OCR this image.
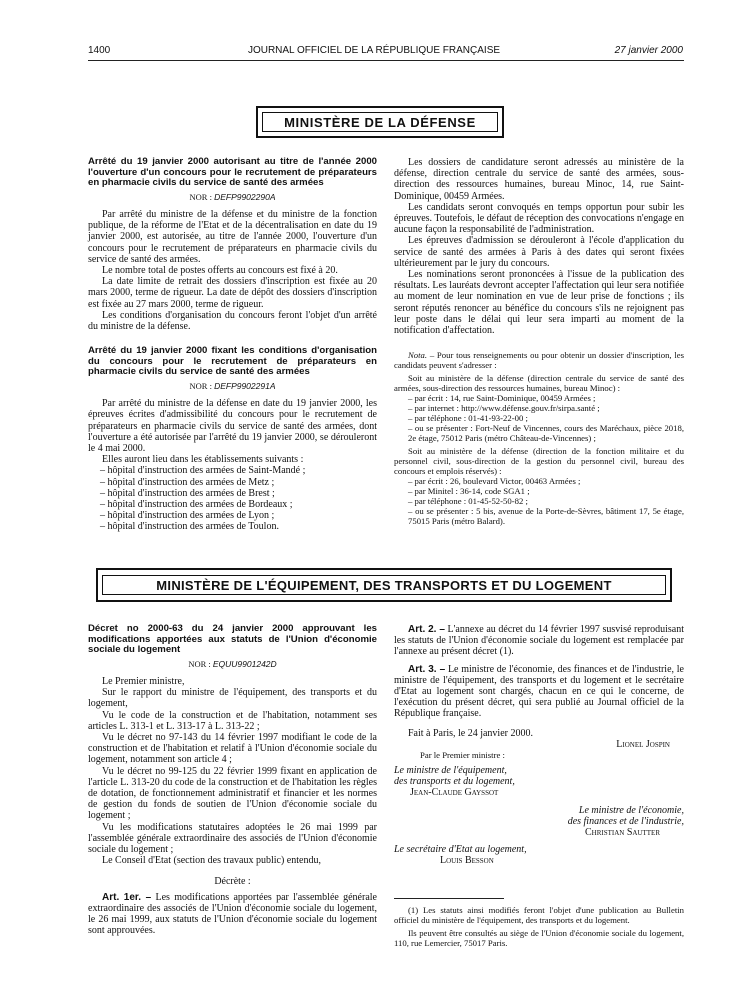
1400	JOURNAL OFFICIEL DE LA RÉPUBLIQUE FRANÇAISE	27 janvier 2000
MINISTÈRE DE LA DÉFENSE

Arrêté du 19 janvier 2000 autorisant au titre de l'année 2000 l'ouverture d'un concours pour le recrutement de préparateurs en pharmacie civils du service de santé des armées

NOR : DEFP9902290A

Par arrêté du ministre de la défense et du ministre de la fonction publique, de la réforme de l'Etat et de la décentralisation en date du 19 janvier 2000, est autorisée, au titre de l'année 2000, l'ouverture d'un concours pour le recrutement de préparateurs en pharmacie civils du service de santé des armées.

Le nombre total de postes offerts au concours est fixé à 20.

La date limite de retrait des dossiers d'inscription est fixée au 20 mars 2000, terme de rigueur. La date de dépôt des dossiers d'inscription est fixée au 27 mars 2000, terme de rigueur.

Les conditions d'organisation du concours feront l'objet d'un arrêté du ministre de la défense.

Arrêté du 19 janvier 2000 fixant les conditions d'organisation du concours pour le recrutement de préparateurs en pharmacie civils du service de santé des armées

NOR : DEFP9902291A

Par arrêté du ministre de la défense en date du 19 janvier 2000, les épreuves écrites d'admissibilité du concours pour le recrutement de préparateurs en pharmacie civils du service de santé des armées, dont l'ouverture a été autorisée par l'arrêté du 19 janvier 2000, se dérouleront le 4 mai 2000.

Elles auront lieu dans les établissements suivants :

– hôpital d'instruction des armées de Saint-Mandé ;

– hôpital d'instruction des armées de Metz ;

– hôpital d'instruction des armées de Brest ;

– hôpital d'instruction des armées de Bordeaux ;

– hôpital d'instruction des armées de Lyon ;

– hôpital d'instruction des armées de Toulon.

Les dossiers de candidature seront adressés au ministère de la défense, direction centrale du service de santé des armées, sous-direction des ressources humaines, bureau Minoc, 14, rue Saint-Dominique, 00459 Armées.

Les candidats seront convoqués en temps opportun pour subir les épreuves. Toutefois, le défaut de réception des convocations n'engage en aucune façon la responsabilité de l'administration.

Les épreuves d'admission se dérouleront à l'école d'application du service de santé des armées à Paris à des dates qui seront fixées ultérieurement par le jury du concours.

Les nominations seront prononcées à l'issue de la publication des résultats. Les lauréats devront accepter l'affectation qui leur sera notifiée au moment de leur nomination en vue de leur prise de fonctions ; ils seront réputés renoncer au bénéfice du concours s'ils ne rejoignent pas leur poste dans le délai qui leur sera imparti au moment de la notification d'affectation.

Nota. – Pour tous renseignements ou pour obtenir un dossier d'inscription, les candidats peuvent s'adresser :

Soit au ministère de la défense (direction centrale du service de santé des armées, sous-direction des ressources humaines, bureau Minoc) :

– par écrit : 14, rue Saint-Dominique, 00459 Armées ;

– par internet : http://www.défense.gouv.fr/sirpa.santé ;

– par téléphone : 01-41-93-22-00 ;

– ou se présenter : Fort-Neuf de Vincennes, cours des Maréchaux, pièce 2018, 2e étage, 75012 Paris (métro Château-de-Vincennes) ;

Soit au ministère de la défense (direction de la fonction militaire et du personnel civil, sous-direction de la gestion du personnel civil, bureau des concours et emplois réservés) :

– par écrit : 26, boulevard Victor, 00463 Armées ;

– par Minitel : 36-14, code SGA1 ;

– par téléphone : 01-45-52-50-82 ;

– ou se présenter : 5 bis, avenue de la Porte-de-Sèvres, bâtiment 17, 5e étage, 75015 Paris (métro Balard).

MINISTÈRE DE L'ÉQUIPEMENT, DES TRANSPORTS ET DU LOGEMENT

Décret no 2000-63 du 24 janvier 2000 approuvant les modifications apportées aux statuts de l'Union d'économie sociale du logement

NOR : EQUU9901242D

Le Premier ministre,

Sur le rapport du ministre de l'équipement, des transports et du logement,

Vu le code de la construction et de l'habitation, notamment ses articles L. 313-1 et L. 313-17 à L. 313-22 ;

Vu le décret no 97-143 du 14 février 1997 modifiant le code de la construction et de l'habitation et relatif à l'Union d'économie sociale du logement, notamment son article 4 ;

Vu le décret no 99-125 du 22 février 1999 fixant en application de l'article L. 313-20 du code de la construction et de l'habitation les règles de dotation, de fonctionnement administratif et financier et les normes de gestion du fonds de soutien de l'Union d'économie sociale du logement ;

Vu les modifications statutaires adoptées le 26 mai 1999 par l'assemblée générale extraordinaire des associés de l'Union d'économie sociale du logement ;

Le Conseil d'Etat (section des travaux public) entendu,

Décrète :

Art. 1er. – Les modifications apportées par l'assemblée générale extraordinaire des associés de l'Union d'économie sociale du logement, le 26 mai 1999, aux statuts de l'Union d'économie sociale du logement sont approuvées.

Art. 2. – L'annexe au décret du 14 février 1997 susvisé reproduisant les statuts de l'Union d'économie sociale du logement est remplacée par l'annexe au présent décret (1).

Art. 3. – Le ministre de l'économie, des finances et de l'industrie, le ministre de l'équipement, des transports et du logement et le secrétaire d'Etat au logement sont chargés, chacun en ce qui le concerne, de l'exécution du présent décret, qui sera publié au Journal officiel de la République française.

Fait à Paris, le 24 janvier 2000.

Lionel Jospin

Par le Premier ministre :

Le ministre de l'équipement,

des transports et du logement,

Jean-Claude Gayssot

Le ministre de l'économie,

des finances et de l'industrie,

Christian Sautter

Le secrétaire d'Etat au logement,

Louis Besson

(1) Les statuts ainsi modifiés feront l'objet d'une publication au Bulletin officiel du ministère de l'équipement, des transports et du logement.

Ils peuvent être consultés au siège de l'Union d'économie sociale du logement, 110, rue Lemercier, 75017 Paris.
